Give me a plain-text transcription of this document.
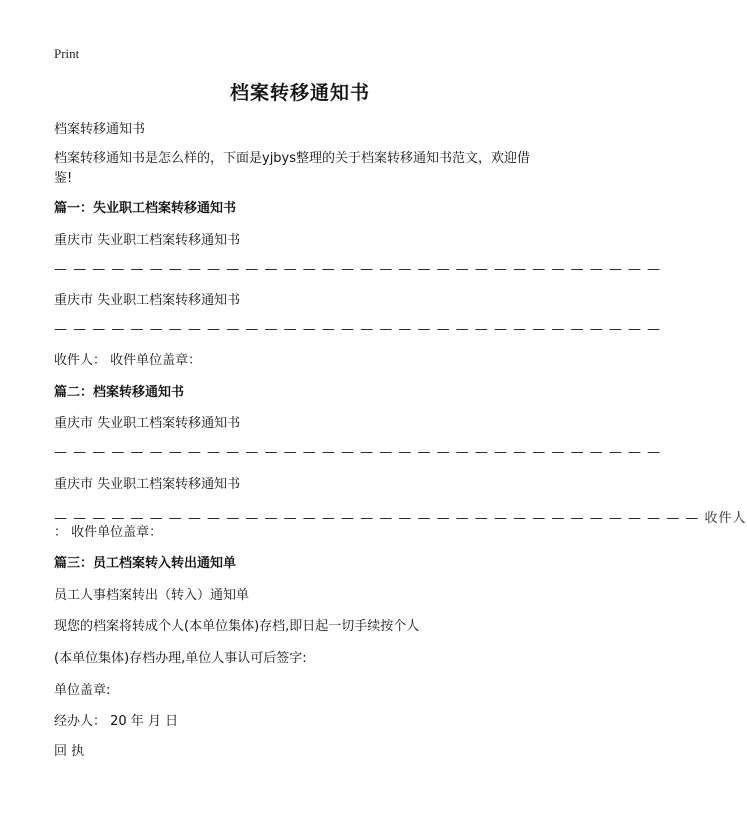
Print
档案转移通知书
档案转移通知书
档案转移通知书是怎么样的，下面是yjbys整理的关于档案转移通知书范文，欢迎借鉴!
篇一：失业职工档案转移通知书
重庆市 失业职工档案转移通知书
— — — — — — — — — — — — — — — — — — — — — — — — — — — — — — — —
重庆市 失业职工档案转移通知书
— — — — — — — — — — — — — — — — — — — — — — — — — — — — — — — —
收件人： 收件单位盖章：
篇二：档案转移通知书
重庆市 失业职工档案转移通知书
— — — — — — — — — — — — — — — — — — — — — — — — — — — — — — — —
重庆市 失业职工档案转移通知书
— — — — — — — — — — — — — — — — — — — — — — — — — — — — — — — — — — 收件人
： 收件单位盖章：
篇三：员工档案转入转出通知单
员工人事档案转出（转入）通知单
现您的档案将转成个人(本单位集体)存档,即日起一切手续按个人
(本单位集体)存档办理,单位人事认可后签字:
单位盖章:
经办人： 20 年 月 日
回 执
